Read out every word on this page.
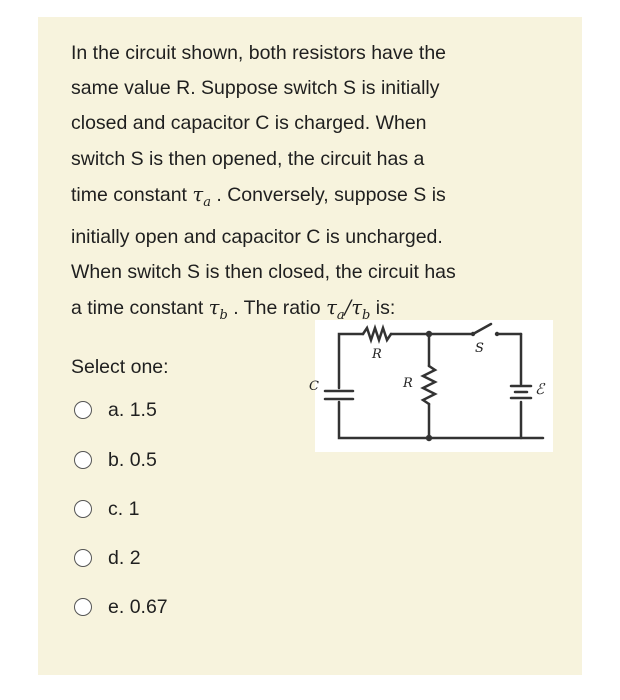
In the circuit shown, both resistors have the

same value R. Suppose switch S is initially

closed and capacitor C is charged. When

switch S is then opened, the circuit has a

time constant $\tau_a$ . Conversely, suppose S is

initially open and capacitor C is uncharged.

When switch S is then closed, the circuit has

a time constant $\tau_b$ . The ratio $\tau_a/\tau_b$ is:

R
R
C
S
ℰ
Select one:
a. 1.5
b. 0.5
c. 1
d. 2
e. 0.67
